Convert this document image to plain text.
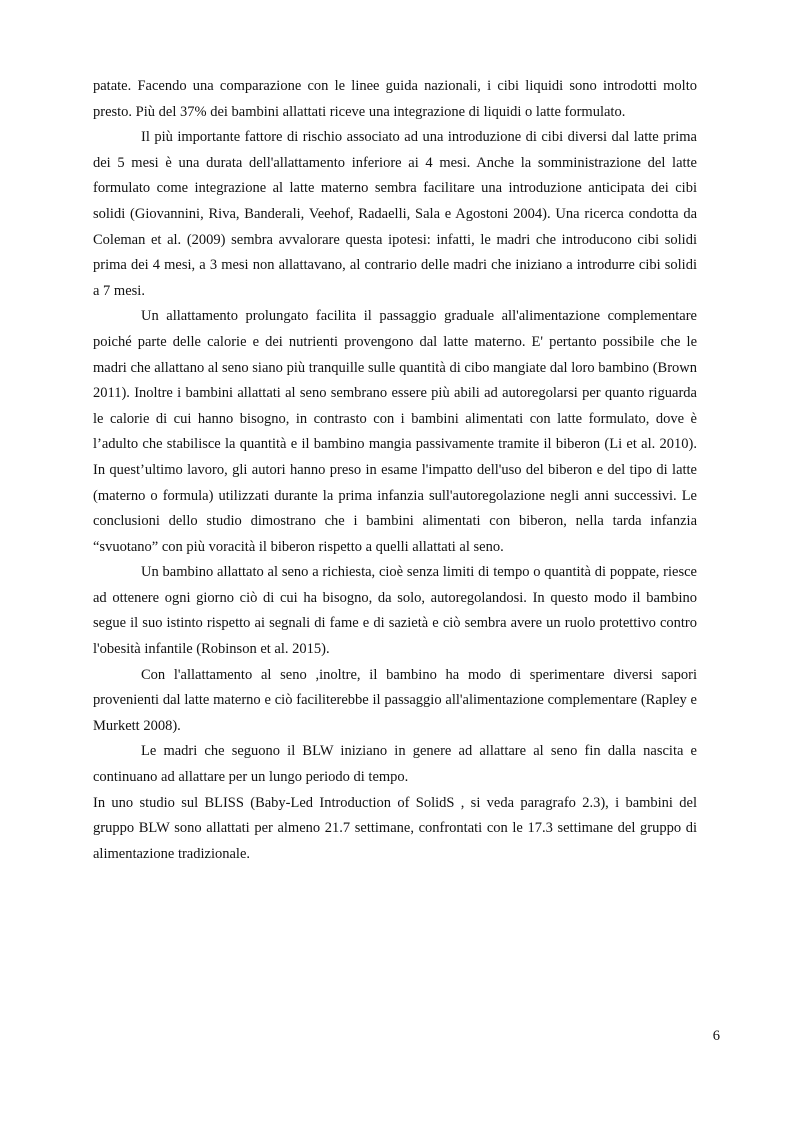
patate. Facendo una comparazione con le linee guida nazionali, i cibi liquidi sono introdotti molto presto. Più del 37% dei bambini allattati riceve una integrazione di liquidi o latte formulato.

Il più importante fattore di rischio associato ad una introduzione di cibi diversi dal latte prima dei 5 mesi è una durata dell'allattamento inferiore ai 4 mesi. Anche la somministrazione del latte formulato come integrazione al latte materno sembra facilitare una introduzione anticipata dei cibi solidi (Giovannini, Riva, Banderali, Veehof, Radaelli, Sala e Agostoni 2004). Una ricerca condotta da Coleman et al. (2009) sembra avvalorare questa ipotesi: infatti, le madri che introducono cibi solidi prima dei 4 mesi, a 3 mesi non allattavano, al contrario delle madri che iniziano a introdurre cibi solidi a 7 mesi.

Un allattamento prolungato facilita il passaggio graduale all'alimentazione complementare poiché parte delle calorie e dei nutrienti provengono dal latte materno. E' pertanto possibile che le madri che allattano al seno siano più tranquille sulle quantità di cibo mangiate dal loro bambino (Brown 2011). Inoltre i bambini allattati al seno sembrano essere più abili ad autoregolarsi per quanto riguarda le calorie di cui hanno bisogno, in contrasto con i bambini alimentati con latte formulato, dove è l’adulto che stabilisce la quantità e il bambino mangia passivamente tramite il biberon (Li et al. 2010). In quest’ultimo lavoro, gli autori hanno preso in esame l'impatto dell'uso del biberon e del tipo di latte (materno o formula) utilizzati durante la prima infanzia sull'autoregolazione negli anni successivi. Le conclusioni dello studio dimostrano che i bambini alimentati con biberon, nella tarda infanzia “svuotano” con più voracità il biberon rispetto a quelli allattati al seno.

Un bambino allattato al seno a richiesta, cioè senza limiti di tempo o quantità di poppate, riesce ad ottenere ogni giorno ciò di cui ha bisogno, da solo, autoregolandosi. In questo modo il bambino segue il suo istinto rispetto ai segnali di fame e di sazietà e ciò sembra avere un ruolo protettivo contro l'obesità infantile (Robinson et al. 2015).

Con l'allattamento al seno ,inoltre, il bambino ha modo di sperimentare diversi sapori provenienti dal latte materno e ciò faciliterebbe il passaggio all'alimentazione complementare (Rapley e Murkett 2008).

Le madri che seguono il BLW iniziano in genere ad allattare al seno fin dalla nascita e continuano ad allattare per un lungo periodo di tempo.

In uno studio sul BLISS (Baby-Led Introduction of SolidS , si veda paragrafo 2.3), i bambini del gruppo BLW sono allattati per almeno 21.7 settimane, confrontati con le 17.3 settimane del gruppo di alimentazione tradizionale.

6
